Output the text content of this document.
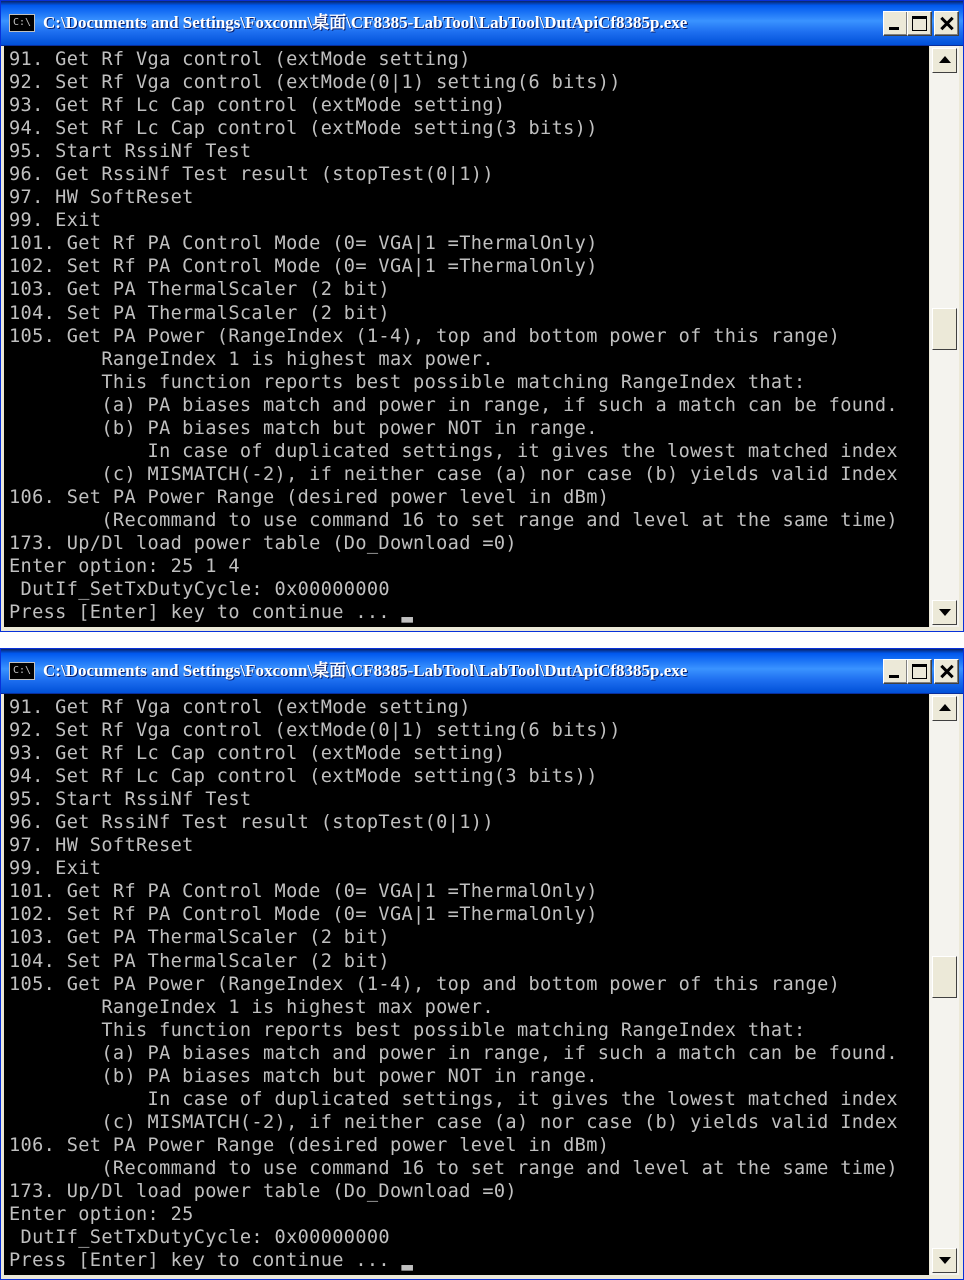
C:\ C:\Documents and Settings\Foxconn\桌面\CF8385-LabTool\LabTool\DutApiCf8385p.exe
91. Get Rf Vga control (extMode setting)
92. Set Rf Vga control (extMode(0|1) setting(6 bits))
93. Get Rf Lc Cap control (extMode setting)
94. Set Rf Lc Cap control (extMode setting(3 bits))
95. Start RssiNf Test
96. Get RssiNf Test result (stopTest(0|1))
97. HW SoftReset
99. Exit
101. Get Rf PA Control Mode (0= VGA|1 =ThermalOnly)
102. Set Rf PA Control Mode (0= VGA|1 =ThermalOnly)
103. Get PA ThermalScaler (2 bit)
104. Set PA ThermalScaler (2 bit)
105. Get PA Power (RangeIndex (1-4), top and bottom power of this range)
RangeIndex 1 is highest max power.
This function reports best possible matching RangeIndex that:
(a) PA biases match and power in range, if such a match can be found.
(b) PA biases match but power NOT in range.
In case of duplicated settings, it gives the lowest matched index
(c) MISMATCH(-2), if neither case (a) nor case (b) yields valid Index
106. Set PA Power Range (desired power level in dBm)
(Recommand to use command 16 to set range and level at the same time)
173. Up/Dl load power table (Do_Download =0)
Enter option: 25 1 4
DutIf_SetTxDutyCycle: 0x00000000
Press [Enter] key to continue ... ▂
C:\ C:\Documents and Settings\Foxconn\桌面\CF8385-LabTool\LabTool\DutApiCf8385p.exe
91. Get Rf Vga control (extMode setting)
92. Set Rf Vga control (extMode(0|1) setting(6 bits))
93. Get Rf Lc Cap control (extMode setting)
94. Set Rf Lc Cap control (extMode setting(3 bits))
95. Start RssiNf Test
96. Get RssiNf Test result (stopTest(0|1))
97. HW SoftReset
99. Exit
101. Get Rf PA Control Mode (0= VGA|1 =ThermalOnly)
102. Set Rf PA Control Mode (0= VGA|1 =ThermalOnly)
103. Get PA ThermalScaler (2 bit)
104. Set PA ThermalScaler (2 bit)
105. Get PA Power (RangeIndex (1-4), top and bottom power of this range)
RangeIndex 1 is highest max power.
This function reports best possible matching RangeIndex that:
(a) PA biases match and power in range, if such a match can be found.
(b) PA biases match but power NOT in range.
In case of duplicated settings, it gives the lowest matched index
(c) MISMATCH(-2), if neither case (a) nor case (b) yields valid Index
106. Set PA Power Range (desired power level in dBm)
(Recommand to use command 16 to set range and level at the same time)
173. Up/Dl load power table (Do_Download =0)
Enter option: 25
DutIf_SetTxDutyCycle: 0x00000000
Press [Enter] key to continue ... ▂
